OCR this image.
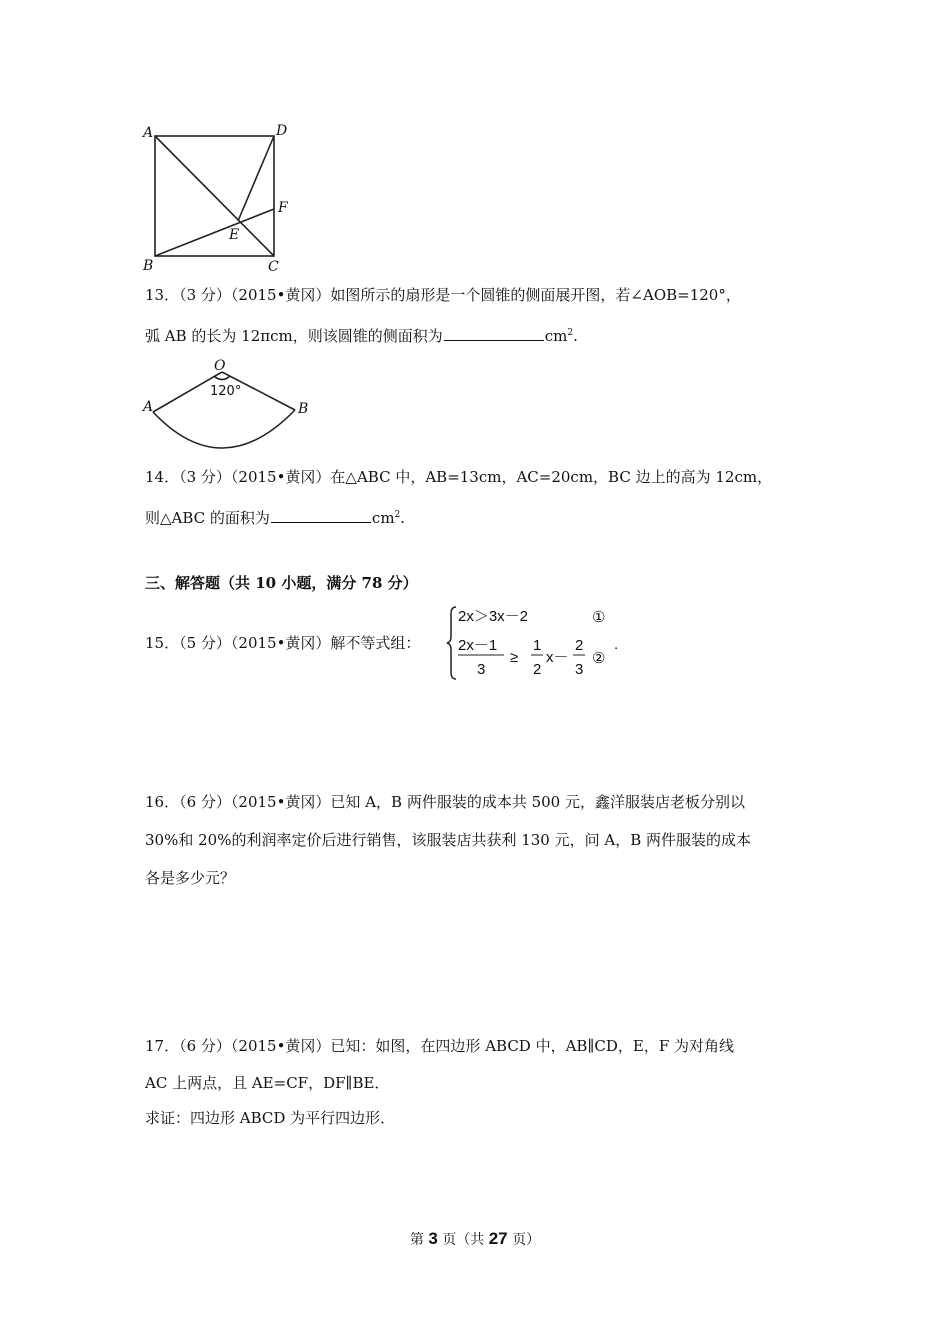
A	D
F
E
B	C
13．（3 分）（2015•黄冈）如图所示的扇形是一个圆锥的侧面展开图，若∠AOB=120°，
弧 AB 的长为 12πcm，则该圆锥的侧面积为	$cm^2$.
O
120°
A	B
14．（3 分）（2015•黄冈）在△ABC 中，AB=13cm，AC=20cm，BC 边上的高为 12cm，
则△ABC 的面积为	$cm^2$.
三、解答题（共 10 小题，满分 78 分）
15．（5 分）（2015•黄冈）解不等式组：
2x＞3x－2	①
2x－1
3
≥
1
2
x－
2
3
②
.
16．（6 分）（2015•黄冈）已知 A，B 两件服装的成本共 500 元，鑫洋服装店老板分别以
30%和 20%的利润率定价后进行销售，该服装店共获利 130 元，问 A，B 两件服装的成本
各是多少元？
17．（6 分）（2015•黄冈）已知：如图，在四边形 ABCD 中，AB∥CD，E，F 为对角线
AC 上两点，且 AE=CF，DF∥BE．
求证：四边形 ABCD 为平行四边形．
第 3 页（共 27 页）
